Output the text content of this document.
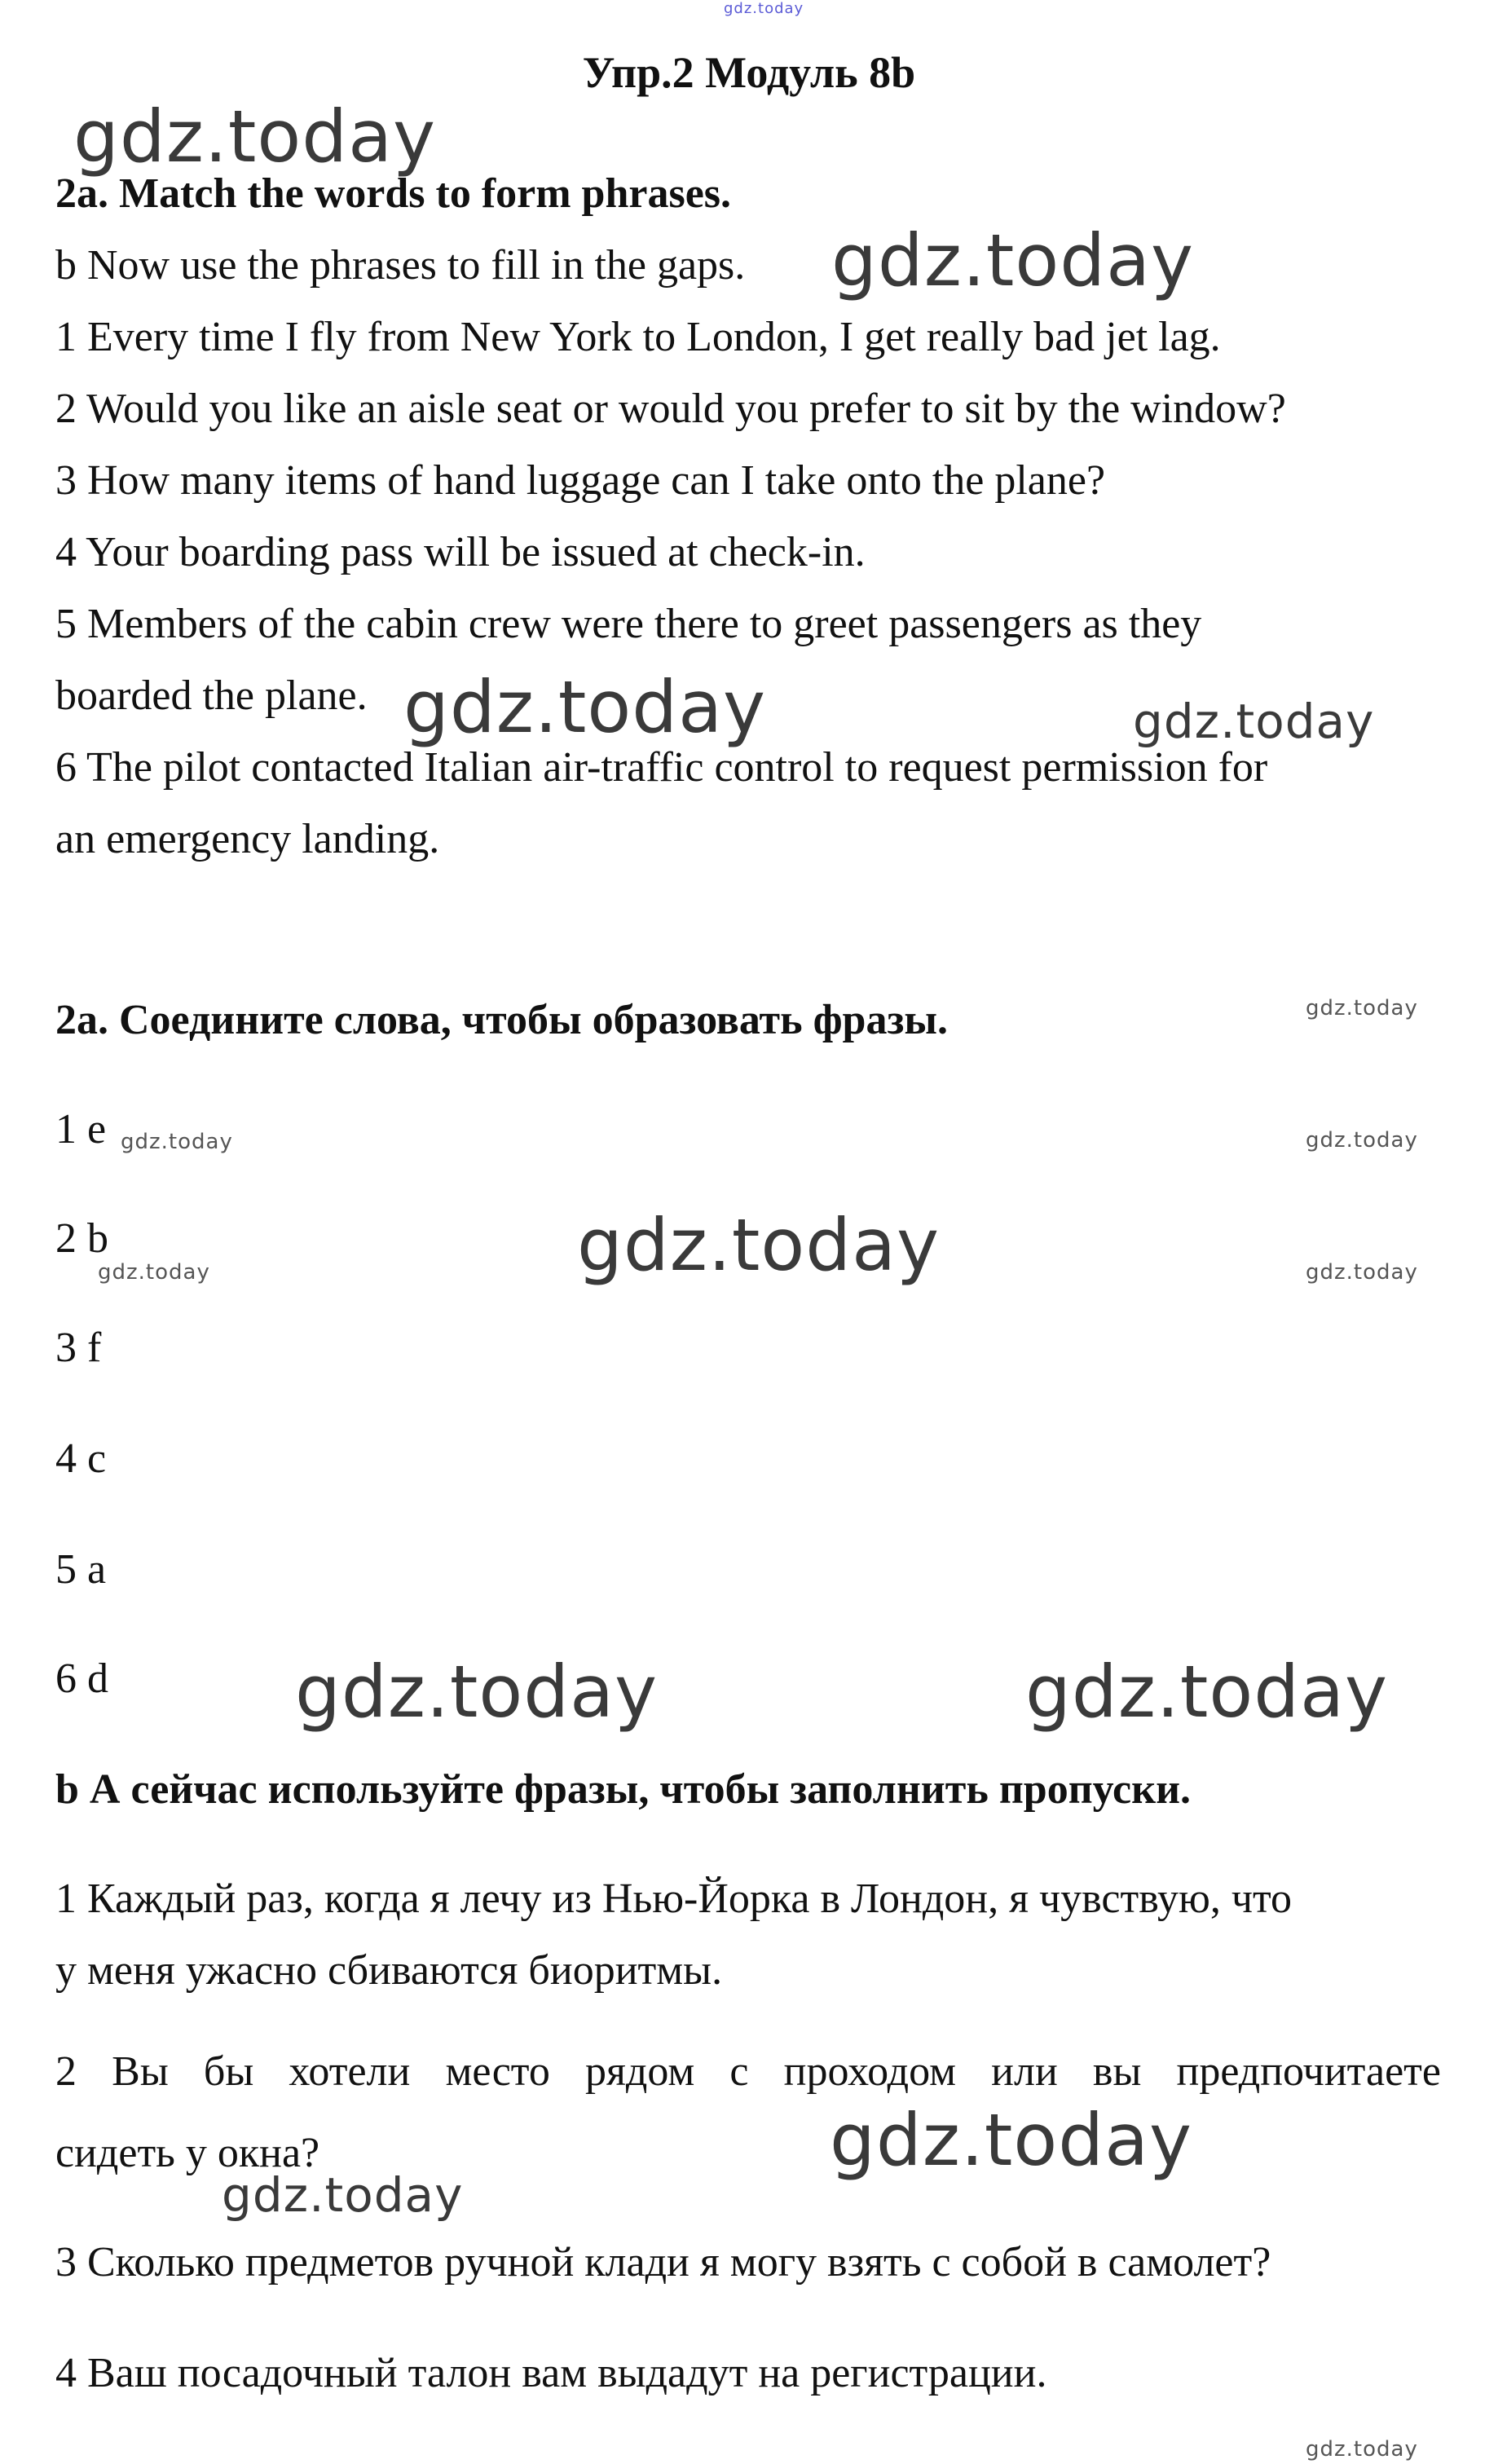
gdz.today
Упр.2 Модуль 8b
gdz.today
2a. Match the words to form phrases.
b Now use the phrases to fill in the gaps. gdz.today
1 Every time I fly from New York to London, I get really bad jet lag.
2 Would you like an aisle seat or would you prefer to sit by the window?
3 How many items of hand luggage can I take onto the plane?
4 Your boarding pass will be issued at check-in.
5 Members of the cabin crew were there to greet passengers as they
boarded the plane. gdz.today	gdz.today
6 The pilot contacted Italian air-traffic control to request permission for
an emergency landing.
2a. Соедините слова, чтобы образовать фразы.	gdz.today
1 e gdz.today	gdz.today
2 b
gdz.today	gdz.today	gdz.today
3 f
4 c
5 a
6 d	gdz.today	gdz.today
b А сейчас используйте фразы, чтобы заполнить пропуски.
1 Каждый раз, когда я лечу из Нью-Йорка в Лондон, я чувствую, что
у меня ужасно сбиваются биоритмы.
2 Вы бы хотели место рядом с проходом или вы предпочитаете
сидеть у окна?	gdz.today
gdz.today
3 Сколько предметов ручной клади я могу взять с собой в самолет?
4 Ваш посадочный талон вам выдадут на регистрации.
gdz.today
